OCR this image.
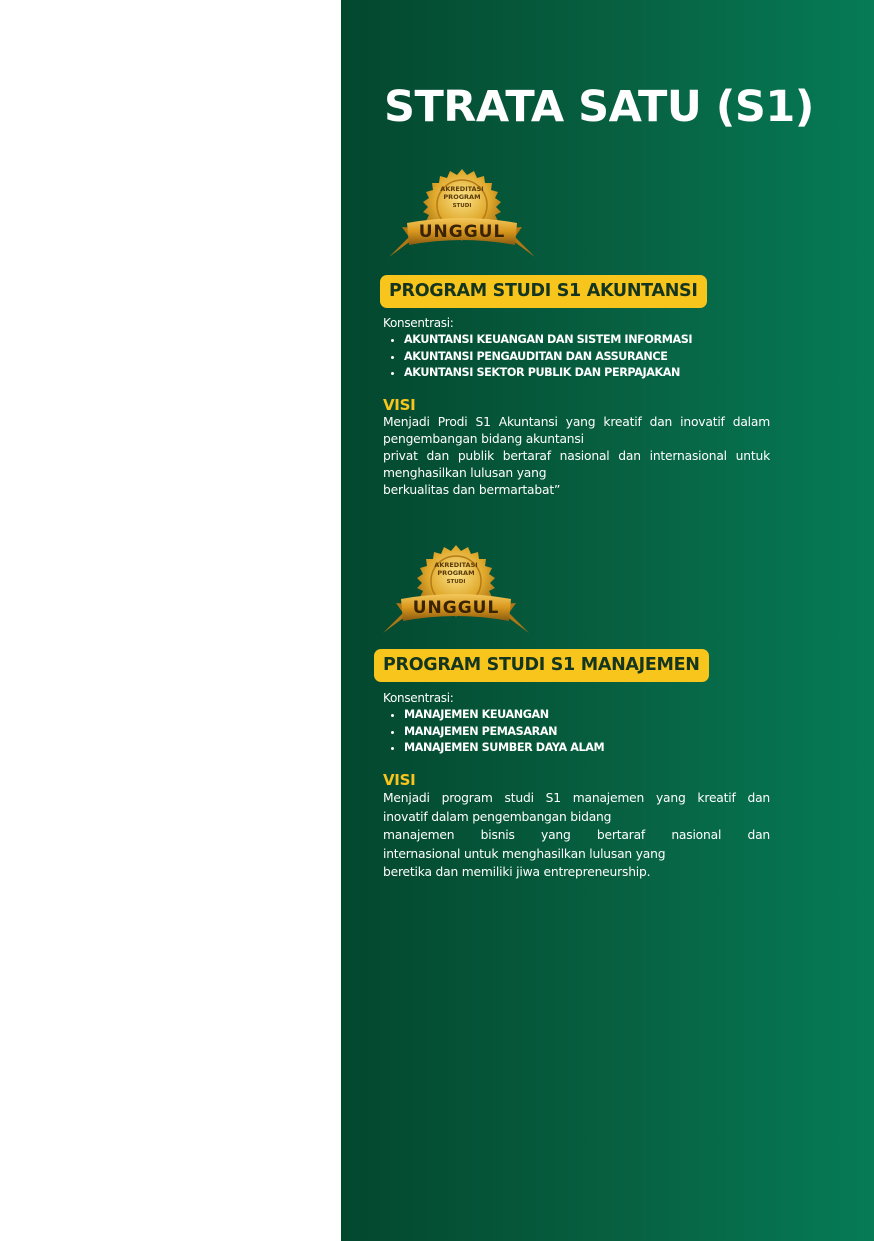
STRATA SATU (S1)
AKREDITASI
PROGRAM
STUDI
UNGGUL
PROGRAM STUDI S1 AKUNTANSI
Konsentrasi:
• AKUNTANSI KEUANGAN DAN SISTEM INFORMASI
• AKUNTANSI PENGAUDITAN DAN ASSURANCE
• AKUNTANSI SEKTOR PUBLIK DAN PERPAJAKAN
VISI
Menjadi Prodi S1 Akuntansi yang kreatif dan inovatif dalam
pengembangan bidang akuntansi
privat dan publik bertaraf nasional dan internasional untuk
menghasilkan lulusan yang
berkualitas dan bermartabat”
AKREDITASI
PROGRAM
STUDI
UNGGUL
PROGRAM STUDI S1 MANAJEMEN
Konsentrasi:
• MANAJEMEN KEUANGAN
• MANAJEMEN PEMASARAN
• MANAJEMEN SUMBER DAYA ALAM
VISI
Menjadi program studi S1 manajemen yang kreatif dan
inovatif dalam pengembangan bidang
manajemen bisnis yang bertaraf nasional dan
internasional untuk menghasilkan lulusan yang
beretika dan memiliki jiwa entrepreneurship.
